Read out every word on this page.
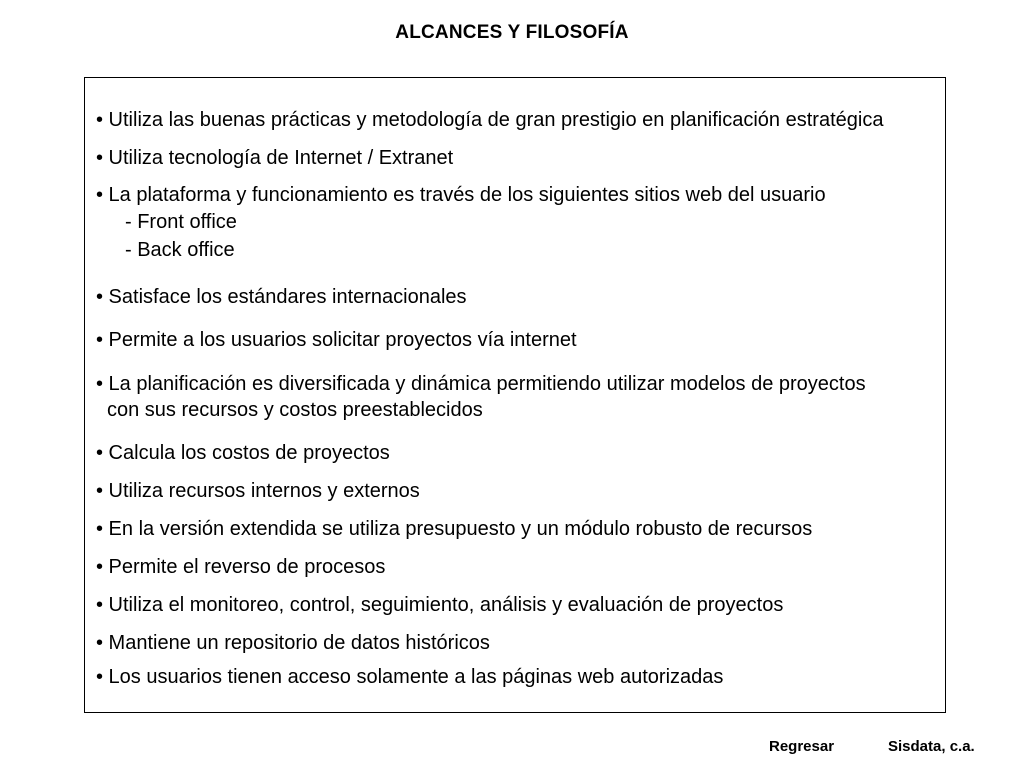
ALCANCES Y FILOSOFÍA
• Utiliza las buenas prácticas y metodología de gran prestigio en planificación estratégica
• Utiliza tecnología de Internet / Extranet
• La plataforma y funcionamiento es través de los siguientes sitios web del usuario
- Front office
- Back office
• Satisface los estándares internacionales
• Permite a los usuarios solicitar proyectos vía internet
• La planificación es diversificada y dinámica permitiendo utilizar modelos de proyectos
con sus recursos y costos preestablecidos
• Calcula los costos de proyectos
• Utiliza recursos internos y externos
• En la versión extendida se utiliza presupuesto y un módulo robusto de recursos
• Permite el reverso de procesos
• Utiliza el monitoreo, control, seguimiento, análisis y evaluación de proyectos
• Mantiene un repositorio de datos históricos
• Los usuarios tienen acceso solamente a las páginas web autorizadas
Regresar	Sisdata, c.a.
